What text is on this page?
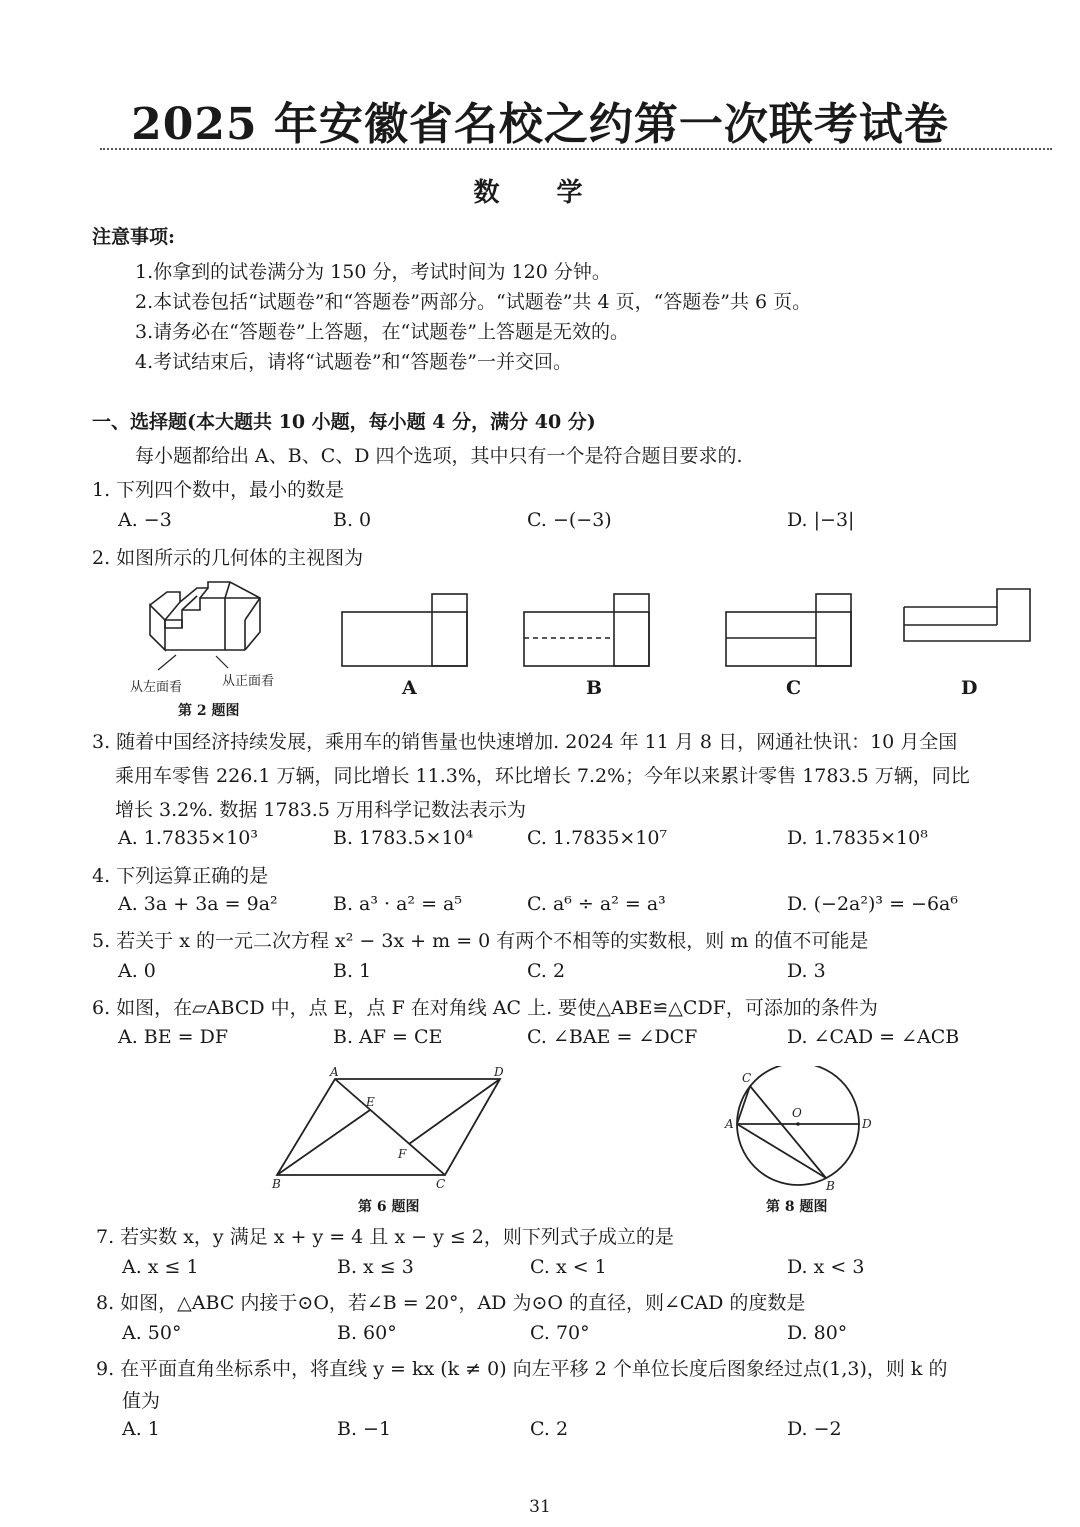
2025 年安徽省名校之约第一次联考试卷
数 学
注意事项:
1.你拿到的试卷满分为 150 分，考试时间为 120 分钟。
2.本试卷包括“试题卷”和“答题卷”两部分。“试题卷”共 4 页，“答题卷”共 6 页。
3.请务必在“答题卷”上答题，在“试题卷”上答题是无效的。
4.考试结束后，请将“试题卷”和“答题卷”一并交回。
一、选择题(本大题共 10 小题，每小题 4 分，满分 40 分)
每小题都给出 A、B、C、D 四个选项，其中只有一个是符合题目要求的.
1. 下列四个数中，最小的数是
A. −3	B. 0	C. −(−3)	D. |−3|
2. 如图所示的几何体的主视图为
从左面看	从正面看
第 2 题图
A	B	C	D
3. 随着中国经济持续发展，乘用车的销售量也快速增加. 2024 年 11 月 8 日，网通社快讯：10 月全国
乘用车零售 226.1 万辆，同比增长 11.3%，环比增长 7.2%；今年以来累计零售 1783.5 万辆，同比
增长 3.2%. 数据 1783.5 万用科学记数法表示为
A. 1.7835×10³	B. 1783.5×10⁴	C. 1.7835×10⁷	D. 1.7835×10⁸
4. 下列运算正确的是
A. 3a + 3a = 9a²	B. a³ · a² = a⁵	C. a⁶ ÷ a² = a³	D. (−2a²)³ = −6a⁶
5. 若关于 x 的一元二次方程 x² − 3x + m = 0 有两个不相等的实数根，则 m 的值不可能是
A. 0	B. 1	C. 2	D. 3
6. 如图，在▱ABCD 中，点 E，点 F 在对角线 AC 上. 要使△ABE≌△CDF，可添加的条件为
A. BE = DF	B. AF = CE	C. ∠BAE = ∠DCF	D. ∠CAD = ∠ACB
A	D
E
F
B	C
第 6 题图
C
O
A	D
B
第 8 题图
7. 若实数 x，y 满足 x + y = 4 且 x − y ≤ 2，则下列式子成立的是
A. x ≤ 1	B. x ≤ 3	C. x < 1	D. x < 3
8. 如图，△ABC 内接于⊙O，若∠B = 20°，AD 为⊙O 的直径，则∠CAD 的度数是
A. 50°	B. 60°	C. 70°	D. 80°
9. 在平面直角坐标系中，将直线 y = kx (k ≠ 0) 向左平移 2 个单位长度后图象经过点(1,3)，则 k 的
值为
A. 1	B. −1	C. 2	D. −2
31
